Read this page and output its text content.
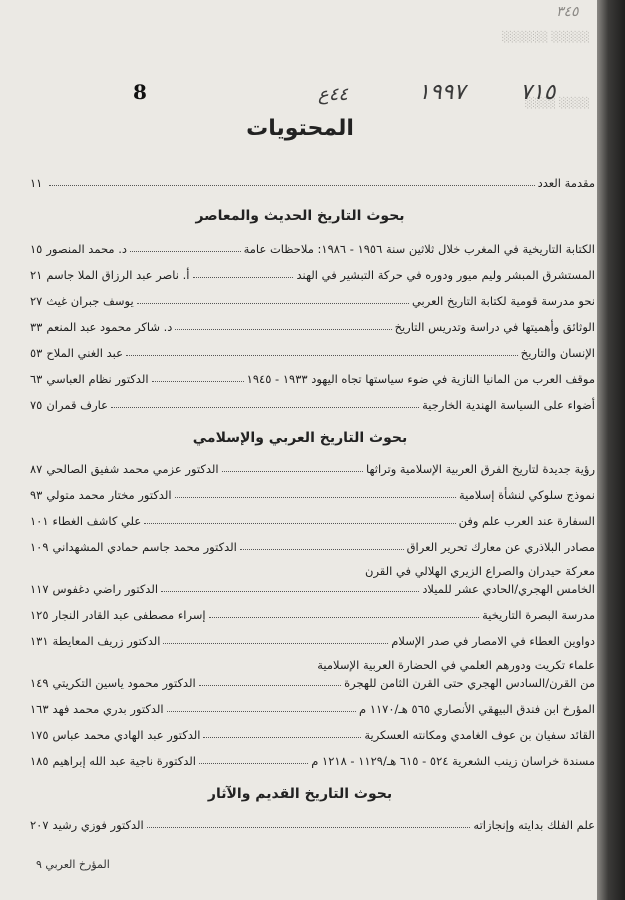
░░░░░ ░░░░░░
░░░░ ░░░░
٣٤٥
٧١٥
١٩٩٧
٤٤ع
8
المحتويات
مقدمة العدد
١١
بحوث التاريخ الحديث والمعاصر
الكتابة التاريخية في المغرب خلال ثلاثين سنة ١٩٥٦ - ١٩٨٦: ملاحظات عامة
د. محمد المنصور
١٥
المستشرق المبشر وليم ميور ودوره في حركة التبشير في الهند
أ. ناصر عبد الرزاق الملا جاسم
٢١
نحو مدرسة قومية لكتابة التاريخ العربي
يوسف جبران غيث
٢٧
الوثائق وأهميتها في دراسة وتدريس التاريخ
د. شاكر محمود عبد المنعم
٣٣
الإنسان والتاريخ
عبد الغني الملاح
٥٣
موقف العرب من المانيا النازية في ضوء سياستها تجاه اليهود ١٩٣٣ - ١٩٤٥
الدكتور نظام العباسي
٦٣
أضواء على السياسة الهندية الخارجية
عارف قمران
٧٥
بحوث التاريخ العربي والإسلامي
رؤية جديدة لتاريخ الفرق العربية الإسلامية وتراثها
الدكتور عزمي محمد شفيق الصالحي
٨٧
نموذج سلوكي لنشأة إسلامية
الدكتور مختار محمد متولي
٩٣
السفارة عند العرب علم وفن
علي كاشف الغطاء
١٠١
مصادر البلاذري عن معارك تحرير العراق
الدكتور محمد جاسم حمادي المشهداني
١٠٩
معركة حيدران والصراع الزيري الهلالي في القرن
الخامس الهجري/الحادي عشر للميلاد
الدكتور راضي دغفوس
١١٧
مدرسة البصرة التاريخية
إسراء مصطفى عبد القادر النجار
١٢٥
دواوين العطاء في الامصار في صدر الإسلام
الدكتور زريف المعايطة
١٣١
علماء تكريت ودورهم العلمي في الحضارة العربية الإسلامية
من القرن/السادس الهجري حتى القرن الثامن للهجرة
الدكتور محمود ياسين التكريتي
١٤٩
المؤرخ ابن فندق البيهقي الأنصاري ٥٦٥ هـ/١١٧٠ م
الدكتور بدري محمد فهد
١٦٣
القائد سفيان بن عوف الغامدي ومكانته العسكرية
الدكتور عبد الهادي محمد عباس
١٧٥
مسندة خراسان زينب الشعرية ٥٢٤ - ٦١٥ هـ/١١٢٩ - ١٢١٨ م
الدكتورة ناجية عبد الله إبراهيم
١٨٥
بحوث التاريخ القديم والآثار
علم الفلك بدايته وإنجازاته
الدكتور فوزي رشيد
٢٠٧
المؤرخ العربي ٩
